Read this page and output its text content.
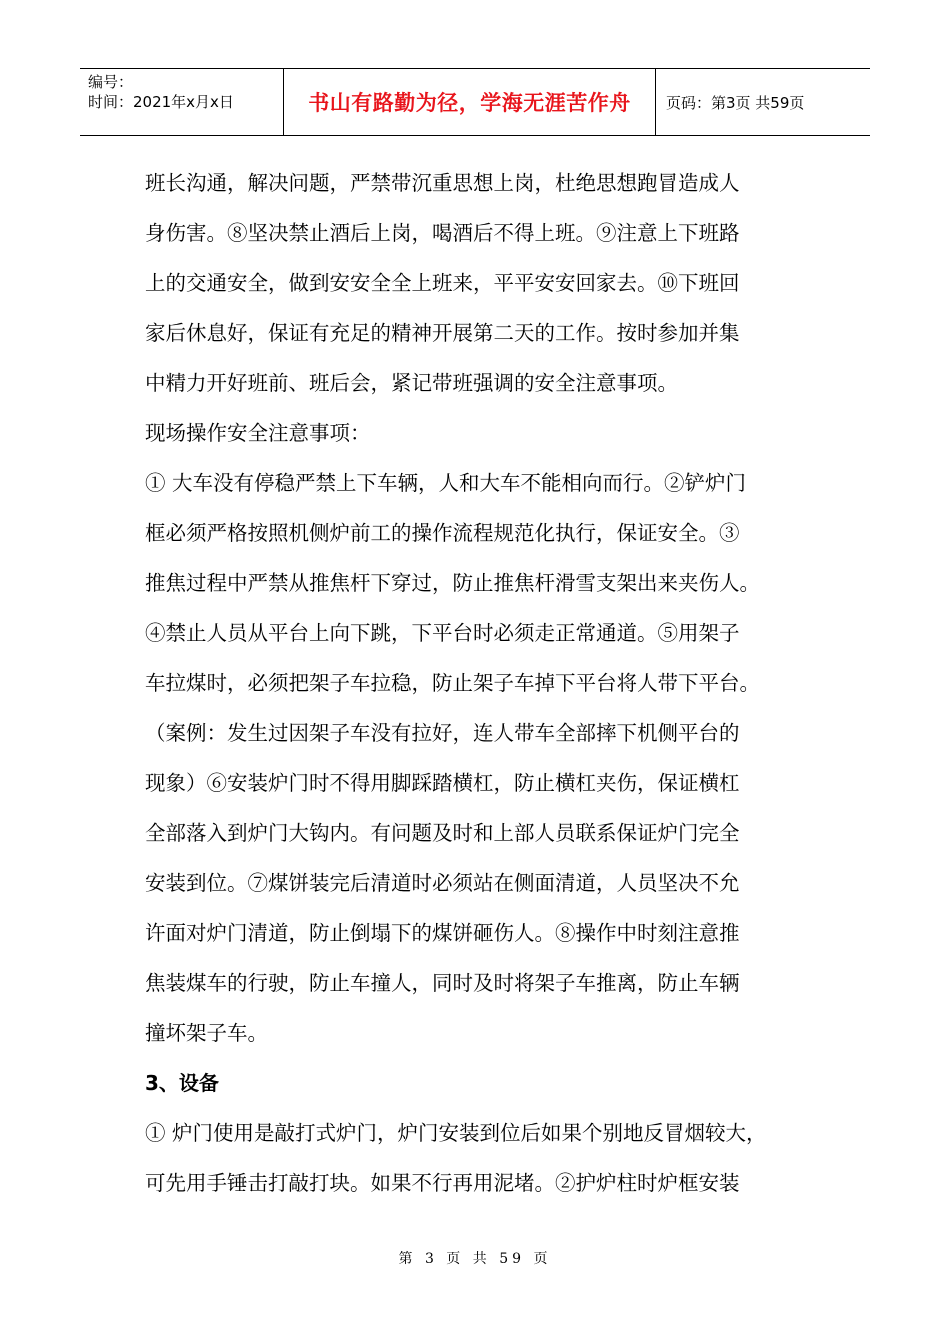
编号：
时间：2021年x月x日	书山有路勤为径，学海无涯苦作舟	页码：第3页 共59页
班长沟通，解决问题，严禁带沉重思想上岗，杜绝思想跑冒造成人
身伤害。⑧坚决禁止酒后上岗，喝酒后不得上班。⑨注意上下班路
上的交通安全，做到安安全全上班来，平平安安回家去。⑩下班回
家后休息好，保证有充足的精神开展第二天的工作。按时参加并集
中精力开好班前、班后会，紧记带班强调的安全注意事项。
现场操作安全注意事项：
① 大车没有停稳严禁上下车辆，人和大车不能相向而行。②铲炉门
框必须严格按照机侧炉前工的操作流程规范化执行，保证安全。③
推焦过程中严禁从推焦杆下穿过，防止推焦杆滑雪支架出来夹伤人。
④禁止人员从平台上向下跳，下平台时必须走正常通道。⑤用架子
车拉煤时，必须把架子车拉稳，防止架子车掉下平台将人带下平台。
（案例：发生过因架子车没有拉好，连人带车全部摔下机侧平台的
现象）⑥安装炉门时不得用脚踩踏横杠，防止横杠夹伤，保证横杠
全部落入到炉门大钩内。有问题及时和上部人员联系保证炉门完全
安装到位。⑦煤饼装完后清道时必须站在侧面清道，人员坚决不允
许面对炉门清道，防止倒塌下的煤饼砸伤人。⑧操作中时刻注意推
焦装煤车的行驶，防止车撞人，同时及时将架子车推离，防止车辆
撞坏架子车。
3、设备
① 炉门使用是敲打式炉门，炉门安装到位后如果个别地反冒烟较大，
可先用手锤击打敲打块。如果不行再用泥堵。②护炉柱时炉框安装
第 3 页 共 59 页
